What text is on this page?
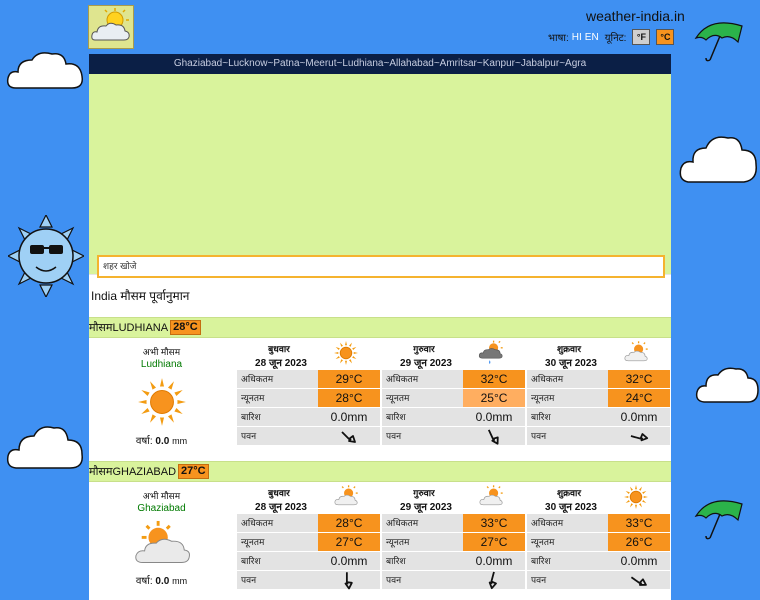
weather-india.in
भाषा: HI EN यूनिट:	°F	°C
Ghaziabad~Lucknow~Patna~Meerut~Ludhiana~Allahabad~Amritsar~Kanpur~Jabalpur~Agra
शहर खोजे
India मौसम पूर्वानुमान
मौसम LUDHIANA 28°C
अभी मौसम
Ludhiana
वर्षा: 0.0 mm
बुधवार
28 जून 2023
अधिकतम	29°C
न्यूनतम	28°C
बारिश	0.0mm
पवन
गुरुवार
29 जून 2023
अधिकतम	32°C
न्यूनतम	25°C
बारिश	0.0mm
पवन
शुक्रवार
30 जून 2023
अधिकतम	32°C
न्यूनतम	24°C
बारिश	0.0mm
पवन
मौसम GHAZIABAD 27°C
अभी मौसम
Ghaziabad
वर्षा: 0.0 mm
बुधवार
28 जून 2023
अधिकतम	28°C
न्यूनतम	27°C
बारिश	0.0mm
पवन
गुरुवार
29 जून 2023
अधिकतम	33°C
न्यूनतम	27°C
बारिश	0.0mm
पवन
शुक्रवार
30 जून 2023
अधिकतम	33°C
न्यूनतम	26°C
बारिश	0.0mm
पवन
